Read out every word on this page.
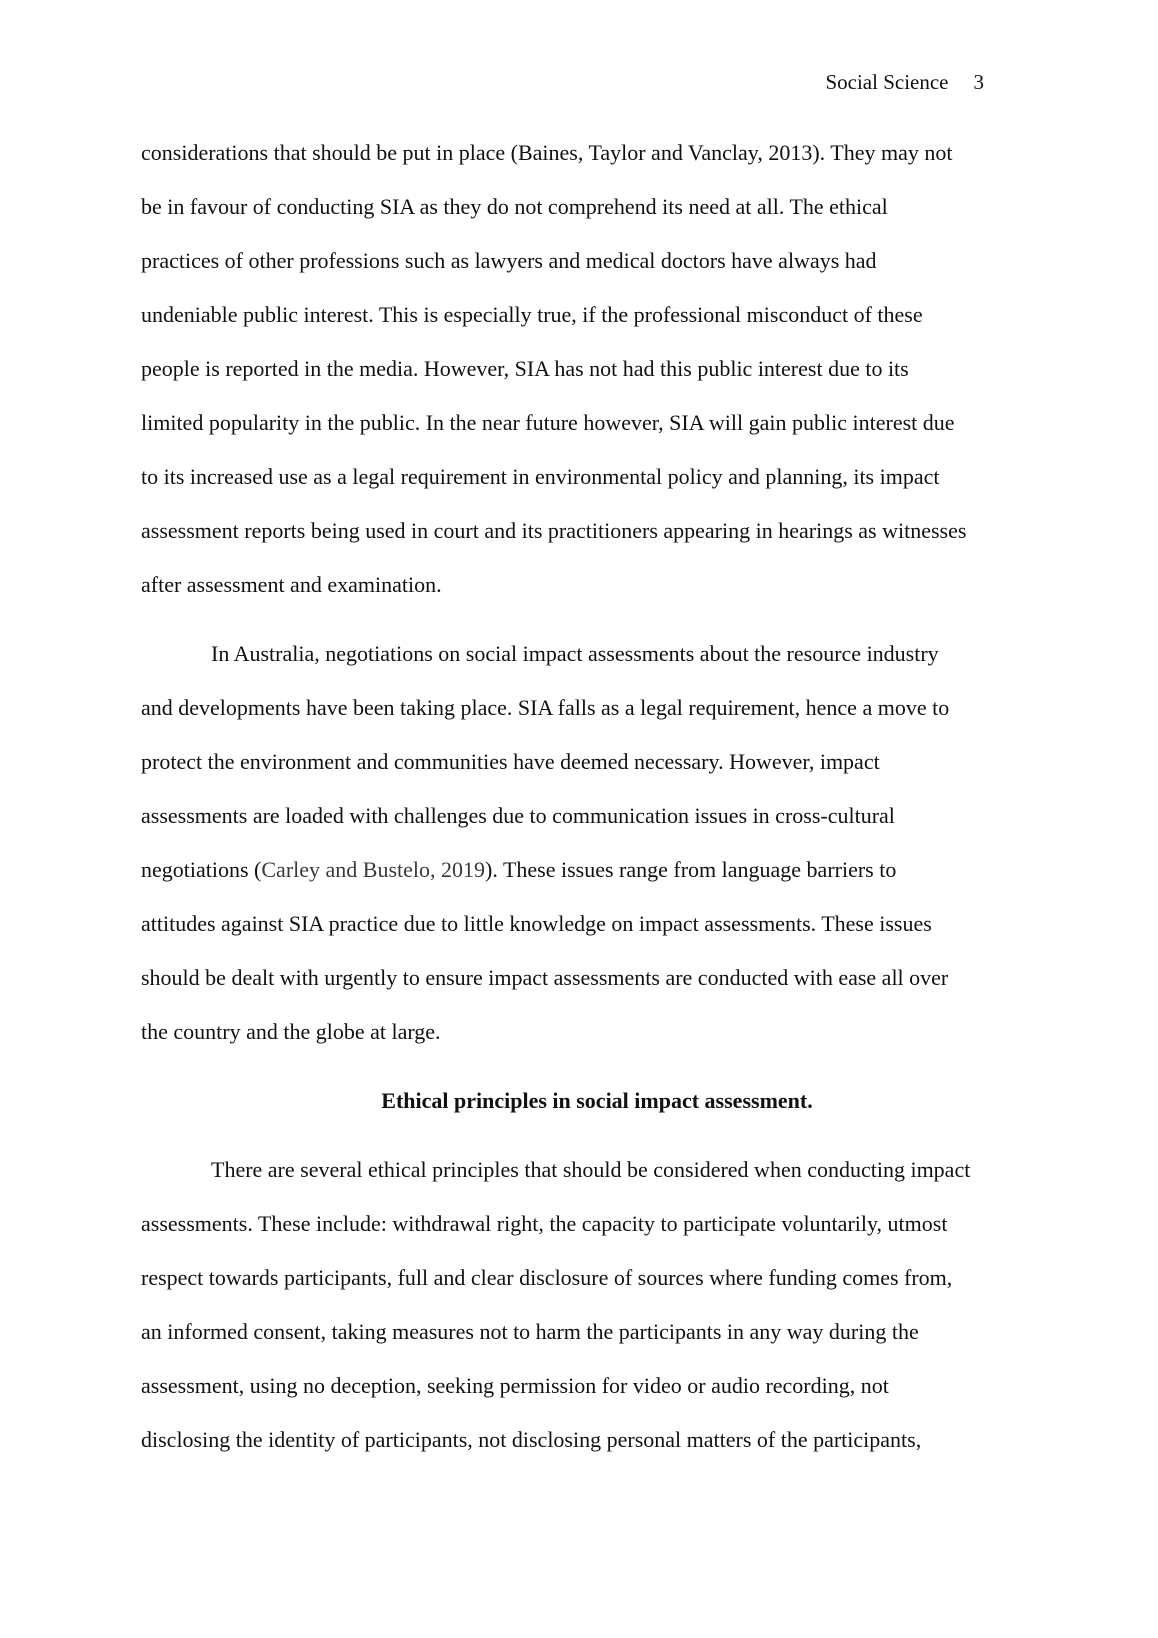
Social Science 3
considerations that should be put in place (Baines, Taylor and Vanclay, 2013). They may not
be in favour of conducting SIA as they do not comprehend its need at all. The ethical
practices of other professions such as lawyers and medical doctors have always had
undeniable public interest. This is especially true, if the professional misconduct of these
people is reported in the media. However, SIA has not had this public interest due to its
limited popularity in the public. In the near future however, SIA will gain public interest due
to its increased use as a legal requirement in environmental policy and planning, its impact
assessment reports being used in court and its practitioners appearing in hearings as witnesses
after assessment and examination.
In Australia, negotiations on social impact assessments about the resource industry
and developments have been taking place. SIA falls as a legal requirement, hence a move to
protect the environment and communities have deemed necessary. However, impact
assessments are loaded with challenges due to communication issues in cross-cultural
negotiations (Carley and Bustelo, 2019). These issues range from language barriers to
attitudes against SIA practice due to little knowledge on impact assessments. These issues
should be dealt with urgently to ensure impact assessments are conducted with ease all over
the country and the globe at large.
Ethical principles in social impact assessment.
There are several ethical principles that should be considered when conducting impact
assessments. These include: withdrawal right, the capacity to participate voluntarily, utmost
respect towards participants, full and clear disclosure of sources where funding comes from,
an informed consent, taking measures not to harm the participants in any way during the
assessment, using no deception, seeking permission for video or audio recording, not
disclosing the identity of participants, not disclosing personal matters of the participants,
